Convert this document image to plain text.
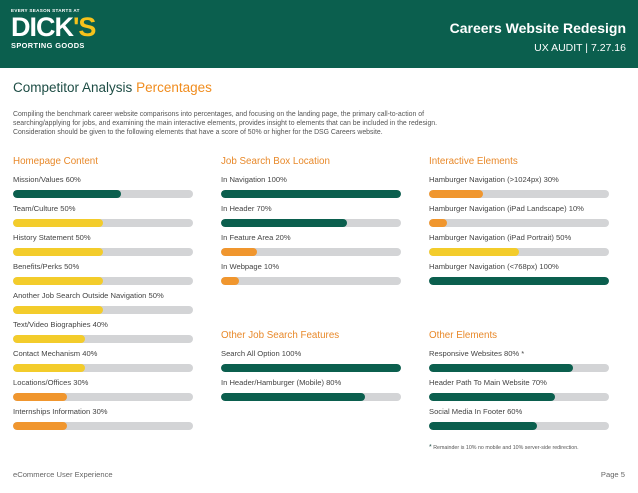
EVERY SEASON STARTS AT
DICK'S
SPORTING GOODS
Careers Website Redesign
UX AUDIT | 7.27.16
Competitor Analysis Percentages

Compiling the benchmark career website comparisons into percentages, and focusing on the landing page, the primary call-to-action of

searching/applying for jobs, and examining the main interactive elements, provides insight to elements that can be included in the redesign.

Consideration should be given to the following elements that have a score of 50% or higher for the DSG Careers website.

Homepage Content
Mission/Values 60%
Team/Culture 50%
History Statement 50%
Benefits/Perks 50%
Another Job Search Outside Navigation 50%
Text/Video Biographies 40%
Contact Mechanism 40%
Locations/Offices 30%
Internships Information 30%
Job Search Box Location
In Navigation 100%
In Header 70%
In Feature Area 20%
In Webpage 10%
Other Job Search Features
Search All Option 100%
In Header/Hamburger (Mobile) 80%
Interactive Elements
Hamburger Navigation (>1024px) 30%
Hamburger Navigation (iPad Landscape) 10%
Hamburger Navigation (iPad Portrait) 50%
Hamburger Navigation (<768px) 100%
Other Elements
Responsive Websites 80% *
Header Path To Main Website 70%
Social Media In Footer 60%
* Remainder is 10% no mobile and 10% server-side redirection.
eCommerce User Experience	Page 5
